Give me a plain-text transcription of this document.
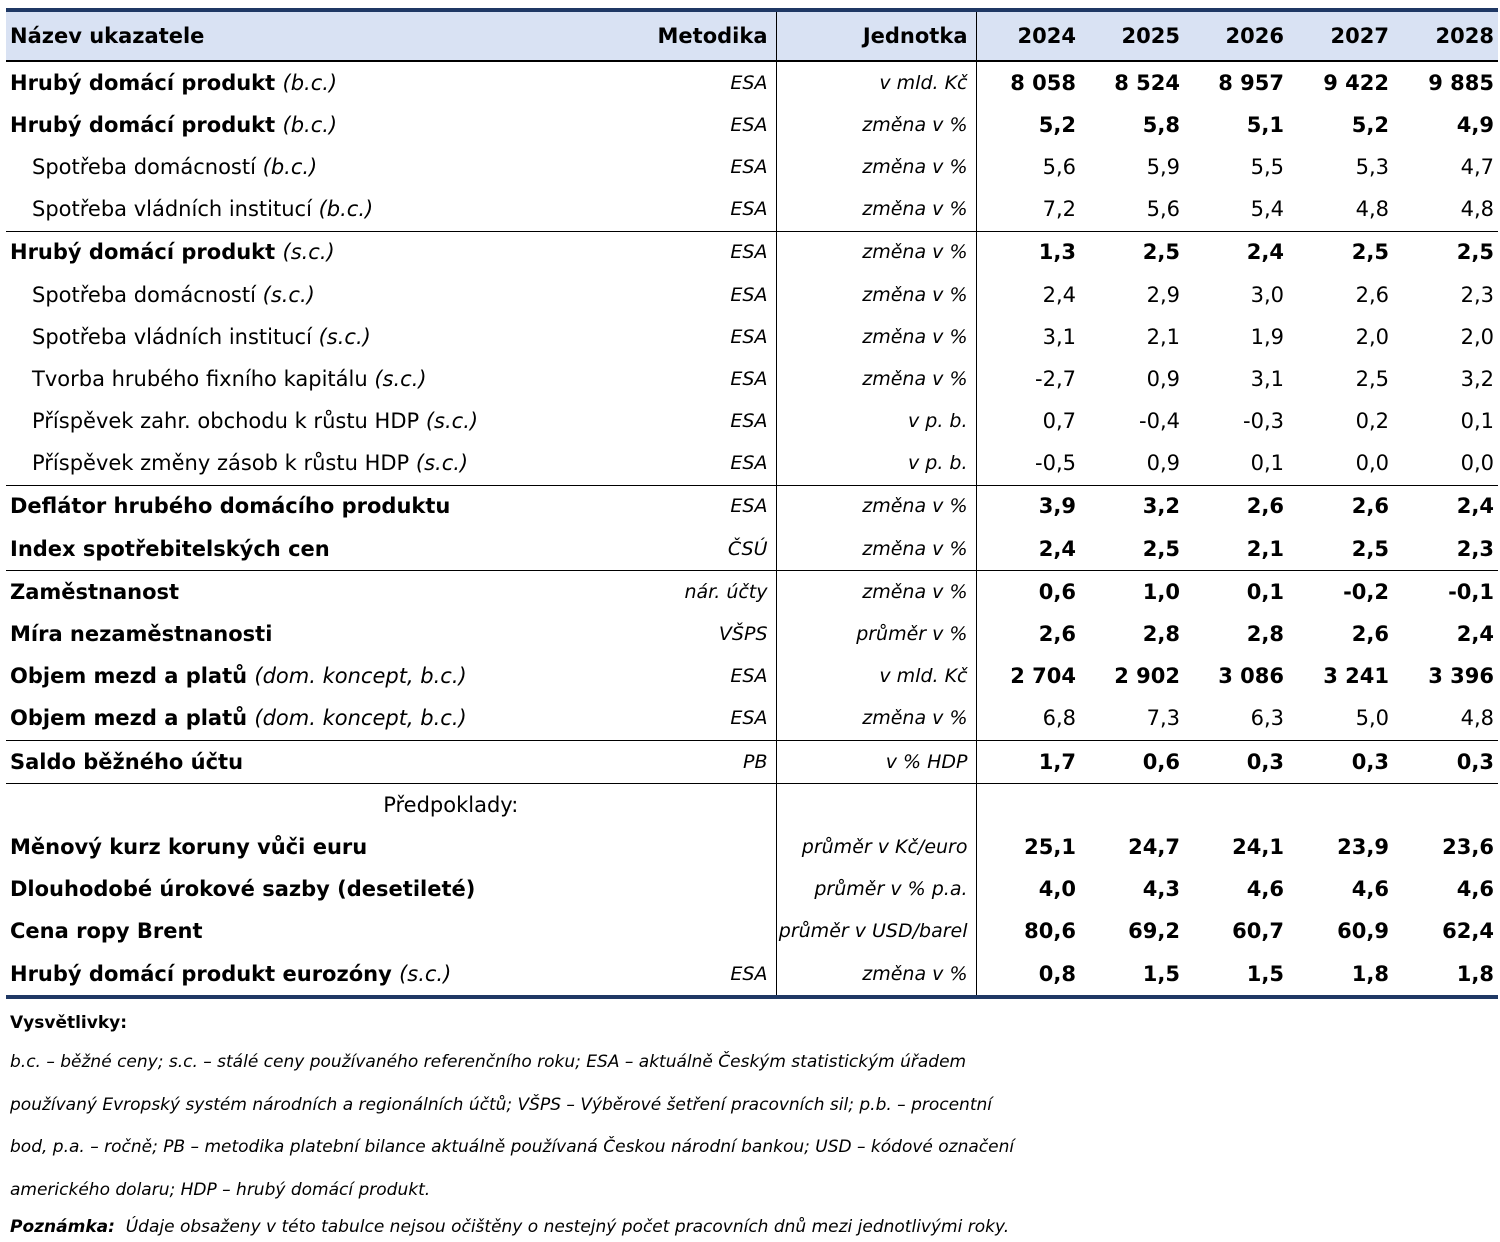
Název ukazatele	Metodika	Jednotka	2024	2025	2026	2027	2028
Hrubý domácí produkt (b.c.)	ESA	v mld. Kč	8 058	8 524	8 957	9 422	9 885
Hrubý domácí produkt (b.c.)	ESA	změna v %	5,2	5,8	5,1	5,2	4,9
Spotřeba domácností (b.c.)	ESA	změna v %	5,6	5,9	5,5	5,3	4,7
Spotřeba vládních institucí (b.c.)	ESA	změna v %	7,2	5,6	5,4	4,8	4,8
Hrubý domácí produkt (s.c.)	ESA	změna v %	1,3	2,5	2,4	2,5	2,5
Spotřeba domácností (s.c.)	ESA	změna v %	2,4	2,9	3,0	2,6	2,3
Spotřeba vládních institucí (s.c.)	ESA	změna v %	3,1	2,1	1,9	2,0	2,0
Tvorba hrubého fixního kapitálu (s.c.)	ESA	změna v %	-2,7	0,9	3,1	2,5	3,2
Příspěvek zahr. obchodu k růstu HDP (s.c.)	ESA	v p. b.	0,7	-0,4	-0,3	0,2	0,1
Příspěvek změny zásob k růstu HDP (s.c.)	ESA	v p. b.	-0,5	0,9	0,1	0,0	0,0
Deflátor hrubého domácího produktu	ESA	změna v %	3,9	3,2	2,6	2,6	2,4
Index spotřebitelských cen	ČSÚ	změna v %	2,4	2,5	2,1	2,5	2,3
Zaměstnanost	nár. účty	změna v %	0,6	1,0	0,1	-0,2	-0,1
Míra nezaměstnanosti	VŠPS	průměr v %	2,6	2,8	2,8	2,6	2,4
Objem mezd a platů (dom. koncept, b.c.)	ESA	v mld. Kč	2 704	2 902	3 086	3 241	3 396
Objem mezd a platů (dom. koncept, b.c.)	ESA	změna v %	6,8	7,3	6,3	5,0	4,8
Saldo běžného účtu	PB	v % HDP	1,7	0,6	0,3	0,3	0,3
Předpoklady:							
Měnový kurz koruny vůči euru		průměr v Kč/euro	25,1	24,7	24,1	23,9	23,6
Dlouhodobé úrokové sazby (desetileté)		průměr v % p.a.	4,0	4,3	4,6	4,6	4,6
Cena ropy Brent		průměr v USD/barel	80,6	69,2	60,7	60,9	62,4
Hrubý domácí produkt eurozóny (s.c.)	ESA	změna v %	0,8	1,5	1,5	1,8	1,8
Vysvětlivky:
b.c. – běžné ceny; s.c. – stálé ceny používaného referenčního roku; ESA – aktuálně Českým statistickým úřadem
používaný Evropský systém národních a regionálních účtů; VŠPS – Výběrové šetření pracovních sil; p.b. – procentní
bod, p.a. – ročně; PB – metodika platební bilance aktuálně používaná Českou národní bankou; USD – kódové označení
amerického dolaru; HDP – hrubý domácí produkt.
Poznámka: Údaje obsaženy v této tabulce nejsou očištěny o nestejný počet pracovních dnů mezi jednotlivými roky.
